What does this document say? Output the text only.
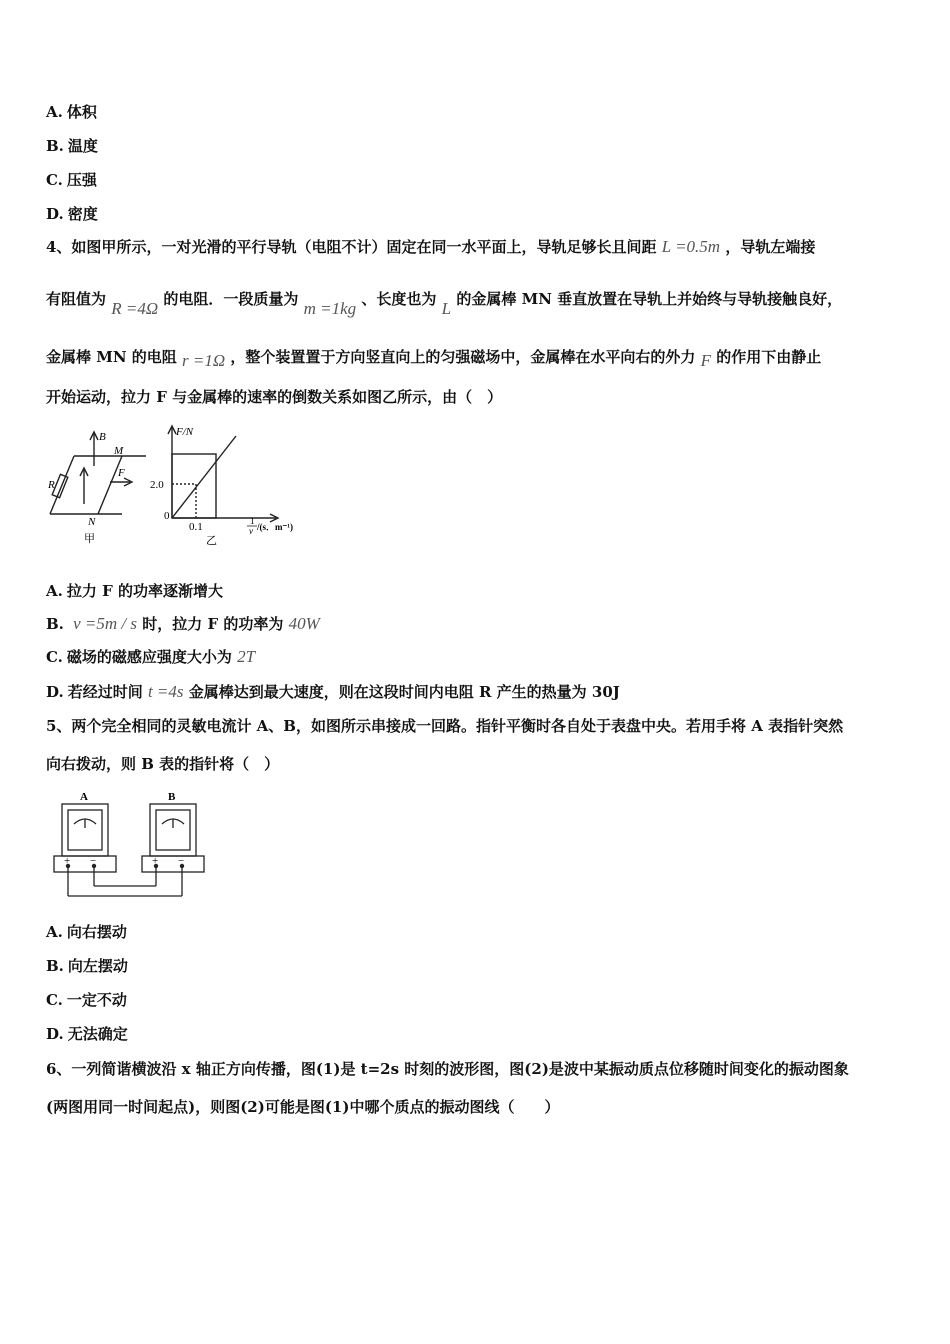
A. 体积
B. 温度
C. 压强
D. 密度
4、如图甲所示，一对光滑的平行导轨（电阻不计）固定在同一水平面上，导轨足够长且间距 L =0.5m ，导轨左端接
有阻值为 R =4Ω 的电阻．一段质量为 m =1kg 、长度也为 L 的金属棒 MN 垂直放置在导轨上并始终与导轨接触良好，
金属棒 MN 的电阻 r =1Ω ，整个装置置于方向竖直向上的匀强磁场中，金属棒在水平向右的外力 F 的作用下由静止
开始运动，拉力 F 与金属棒的速率的倒数关系如图乙所示，由（　）
B
M
F
R
N
甲
F/N
2.0
0
0.1	1
v /(s．m⁻¹)
乙
A. 拉力 F 的功率逐渐增大
B. v =5m / s 时，拉力 F 的功率为 40W
C. 磁场的磁感应强度大小为 2T
D. 若经过时间 t =4s 金属棒达到最大速度，则在这段时间内电阻 R 产生的热量为 30J
5、两个完全相同的灵敏电流计 A、B，如图所示串接成一回路。指针平衡时各自处于表盘中央。若用手将 A 表指针突然
向右拨动，则 B 表的指针将（　）
A	B
+ −	+ −
A. 向右摆动
B. 向左摆动
C. 一定不动
D. 无法确定
6、一列简谐横波沿 x 轴正方向传播，图(1)是 t=2s 时刻的波形图，图(2)是波中某振动质点位移随时间变化的振动图象
(两图用同一时间起点)，则图(2)可能是图(1)中哪个质点的振动图线（　　）
